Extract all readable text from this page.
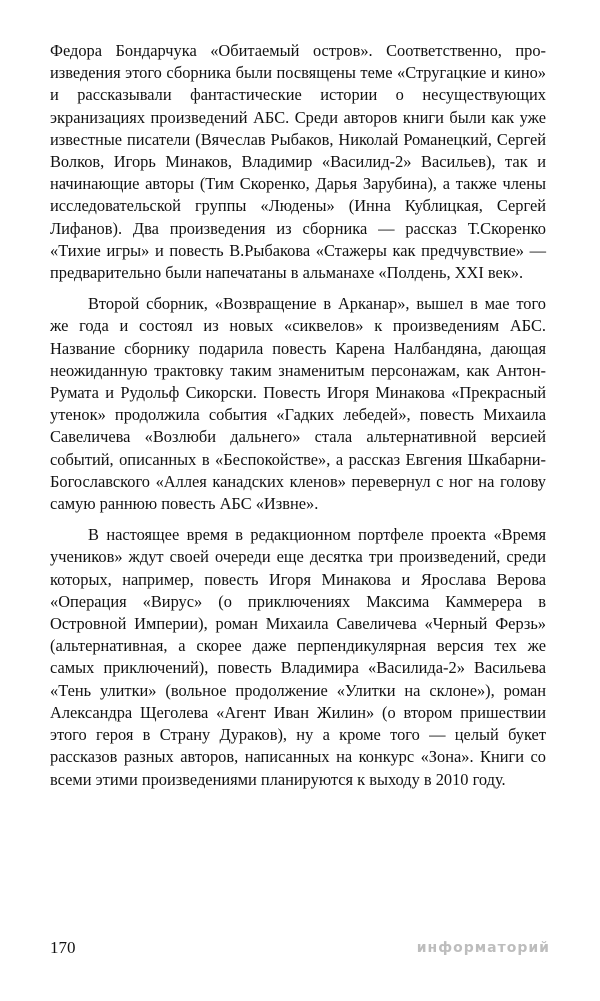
Федора Бондарчука «Обитаемый остров». Соответственно, произведения этого сборника были посвящены теме «Стругацкие и кино» и рассказывали фантастические истории о несуществующих экранизациях произведений АБС. Среди авторов книги были как уже известные писатели (Вячеслав Рыбаков, Николай Романецкий, Сергей Волков, Игорь Минаков, Владимир «Василид-2» Васильев), так и начинающие авторы (Тим Скоренко, Дарья Зарубина), а также члены исследовательской группы «Людены» (Инна Кублицкая, Сергей Лифанов). Два произведения из сборника — рассказ Т.Скоренко «Тихие игры» и повесть В.Рыбакова «Стажеры как предчувствие» — предварительно были напечатаны в альманахе «Полдень, XXI век».

Второй сборник, «Возвращение в Арканар», вышел в мае того же года и состоял из новых «сиквелов» к произведениям АБС. Название сборнику подарила повесть Карена Налбандяна, дающая неожиданную трактовку таким знаменитым персонажам, как Антон-Румата и Рудольф Сикорски. Повесть Игоря Минакова «Прекрасный утенок» продолжила события «Гадких лебедей», повесть Михаила Савеличева «Возлюби дальнего» стала альтернативной версией событий, описанных в «Беспокойстве», а рассказ Евгения Шкабарни-Богославского «Аллея канадских кленов» перевернул с ног на голову самую раннюю повесть АБС «Извне».

В настоящее время в редакционном портфеле проекта «Время учеников» ждут своей очереди еще десятка три произведений, среди которых, например, повесть Игоря Минакова и Ярослава Верова «Операция «Вирус» (о приключениях Максима Каммерера в Островной Империи), роман Михаила Савеличева «Черный Ферзь» (альтернативная, а скорее даже перпендикулярная версия тех же самых приключений), повесть Владимира «Василида-2» Васильева «Тень улитки» (вольное продолжение «Улитки на склоне»), роман Александра Щеголева «Агент Иван Жилин» (о втором пришествии этого героя в Страну Дураков), ну а кроме того — целый букет рассказов разных авторов, написанных на конкурс «Зона». Книги со всеми этими произведениями планируются к выходу в 2010 году.

170	информаторий
